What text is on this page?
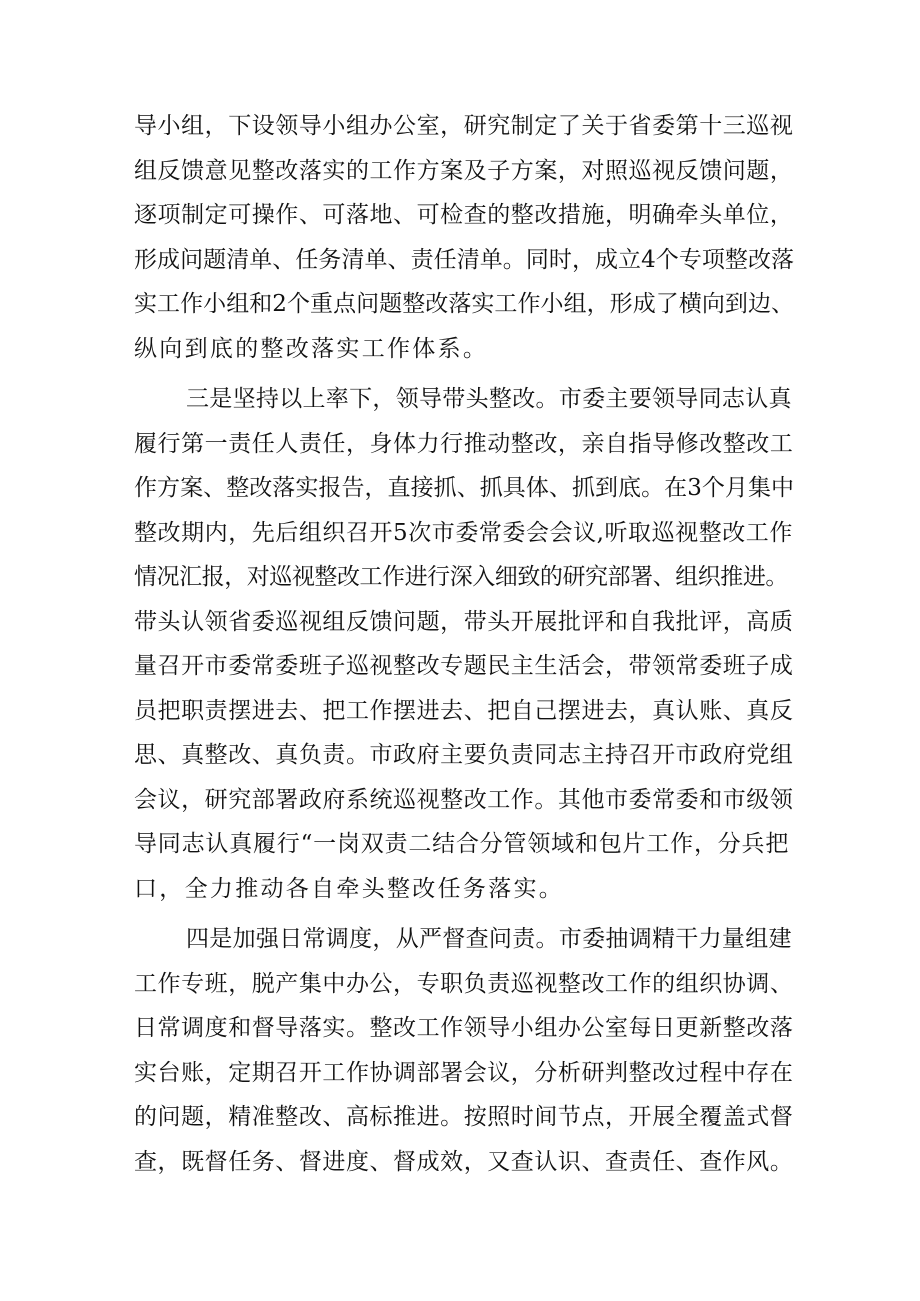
导小组，下设领导小组办公室，研究制定了关于省委第十三巡视
组反馈意见整改落实的工作方案及子方案，对照巡视反馈问题，
逐项制定可操作、可落地、可检查的整改措施，明确牵头单位，
形成问题清单、任务清单、责任清单。同时，成立4个专项整改落
实工作小组和2个重点问题整改落实工作小组，形成了横向到边、
纵向到底的整改落实工作体系。
三是坚持以上率下，领导带头整改。市委主要领导同志认真
履行第一责任人责任，身体力行推动整改，亲自指导修改整改工
作方案、整改落实报告，直接抓、抓具体、抓到底。在3个月集中
整改期内，先后组织召开5次市委常委会会议,听取巡视整改工作
情况汇报，对巡视整改工作进行深入细致的研究部署、组织推进。
带头认领省委巡视组反馈问题，带头开展批评和自我批评，高质
量召开市委常委班子巡视整改专题民主生活会，带领常委班子成
员把职责摆进去、把工作摆进去、把自己摆进去，真认账、真反
思、真整改、真负责。市政府主要负责同志主持召开市政府党组
会议，研究部署政府系统巡视整改工作。其他市委常委和市级领
导同志认真履行“一岗双责二结合分管领域和包片工作，分兵把
口，全力推动各自牵头整改任务落实。
四是加强日常调度，从严督查问责。市委抽调精干力量组建
工作专班，脱产集中办公，专职负责巡视整改工作的组织协调、
日常调度和督导落实。整改工作领导小组办公室每日更新整改落
实台账，定期召开工作协调部署会议，分析研判整改过程中存在
的问题，精准整改、高标推进。按照时间节点，开展全覆盖式督
查，既督任务、督进度、督成效，又查认识、查责任、查作风。
